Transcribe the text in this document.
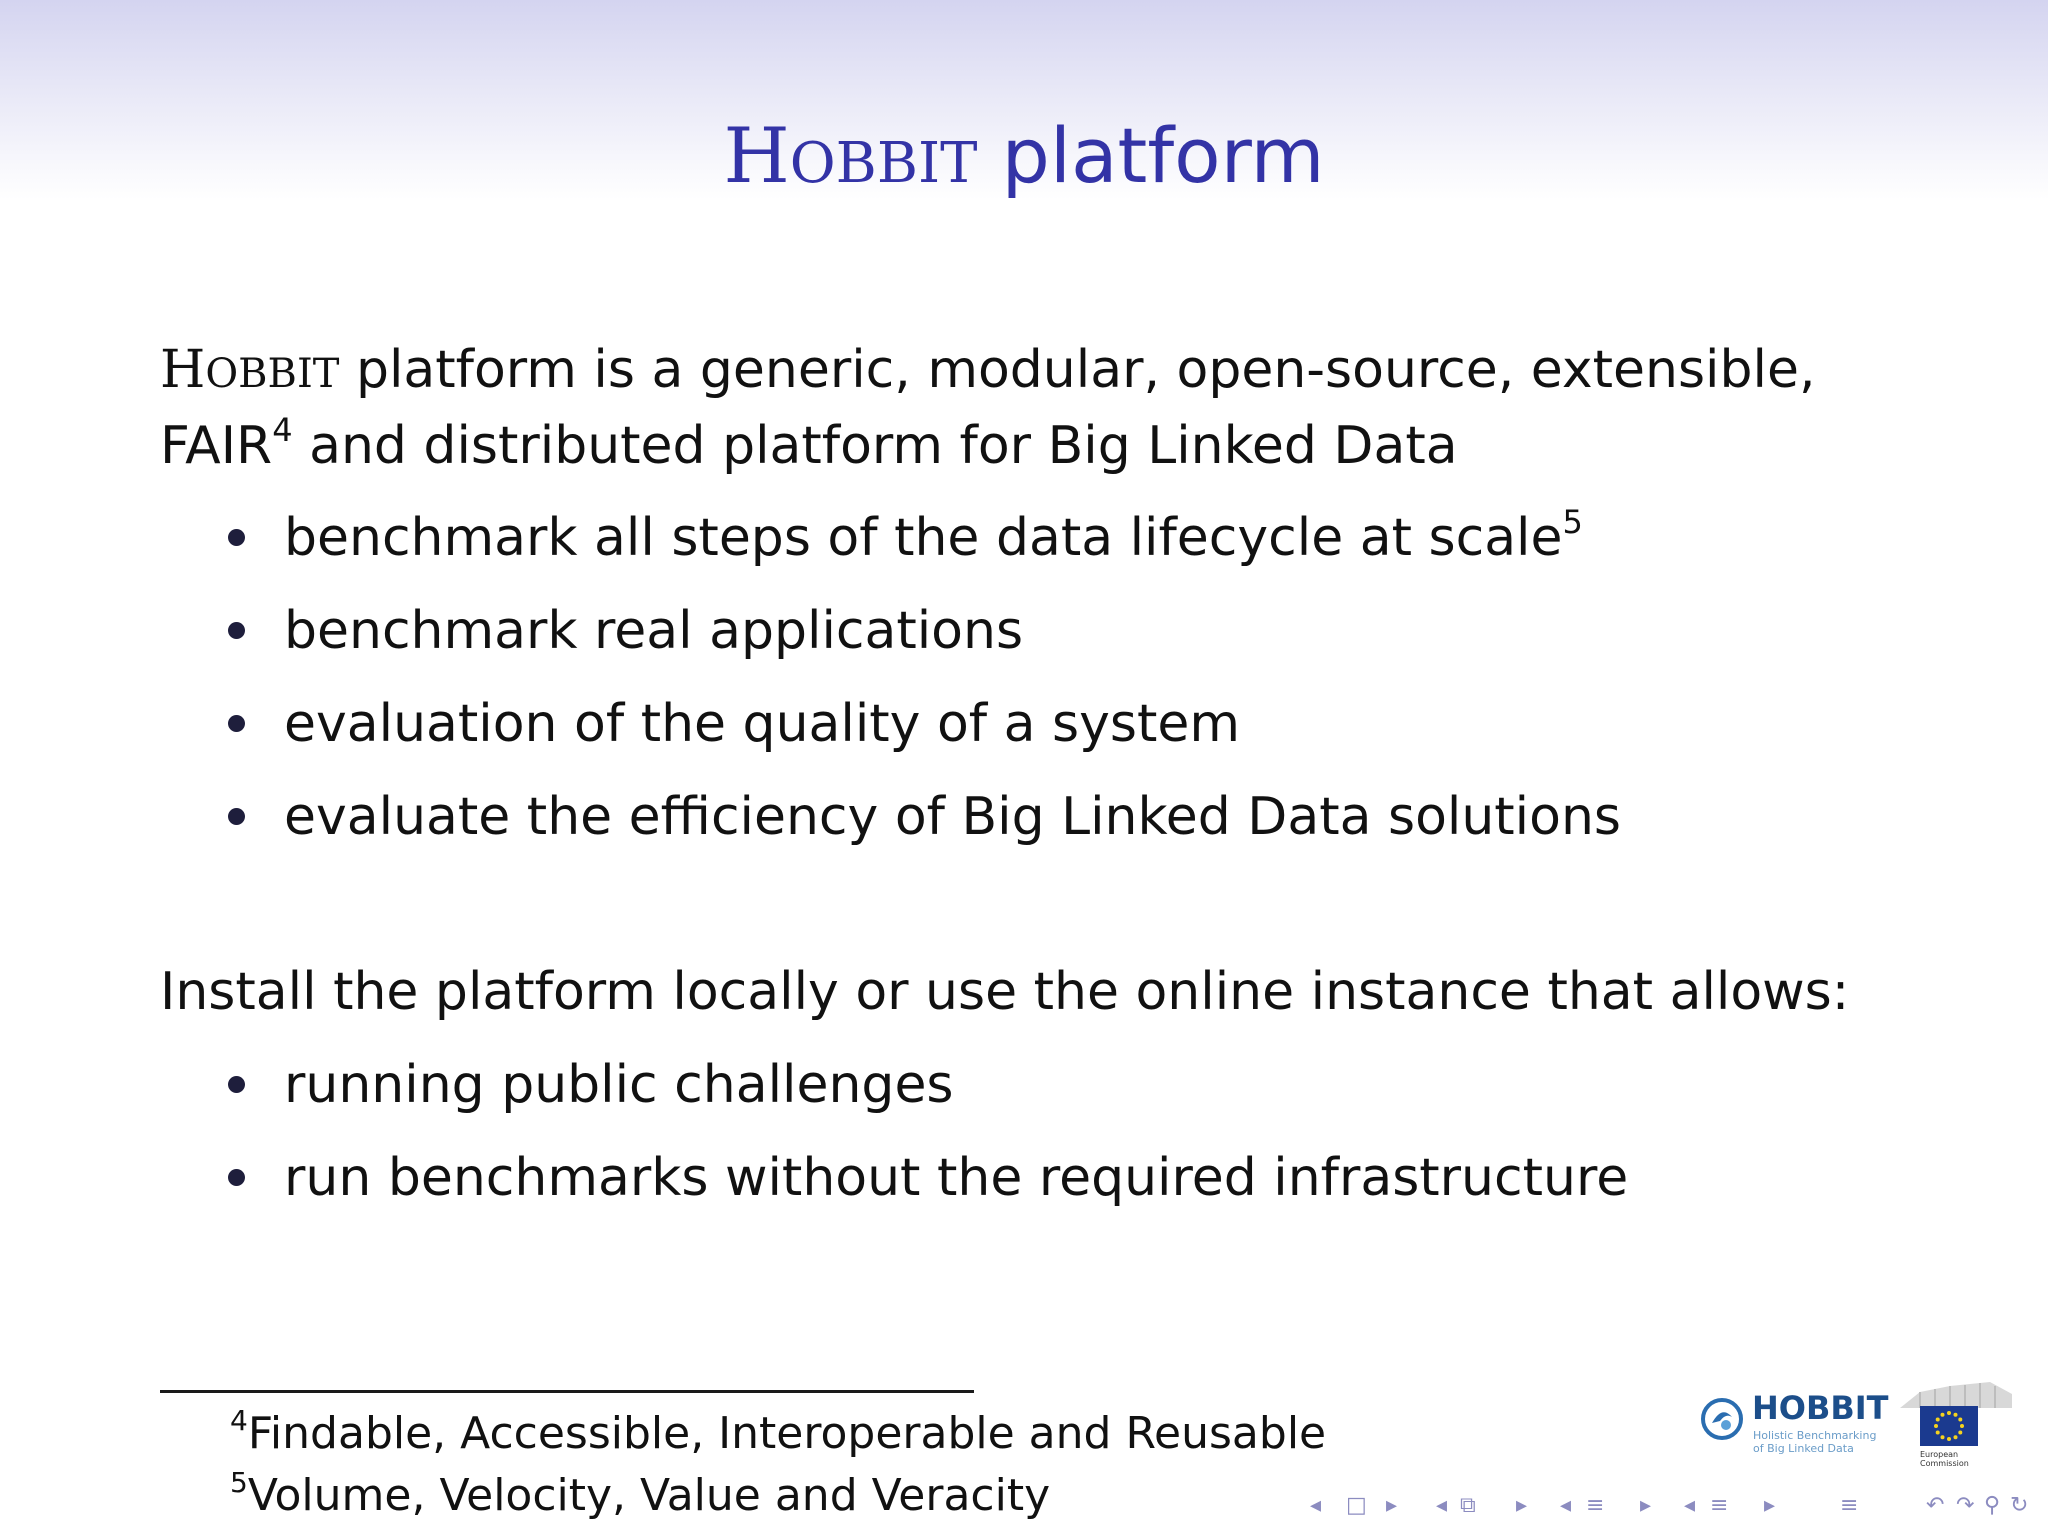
HOBBIT platform
HOBBIT platform is a generic, modular, open-source, extensible,
FAIR$^4$ and distributed platform for Big Linked Data
benchmark all steps of the data lifecycle at scale$^5$
benchmark real applications
evaluation of the quality of a system
evaluate the efficiency of Big Linked Data solutions
Install the platform locally or use the online instance that allows:
running public challenges
run benchmarks without the required infrastructure
$^4$Findable, Accessible, Interoperable and Reusable
$^5$Volume, Velocity, Value and Veracity
HOBBIT
Holistic Benchmarking
of Big Linked Data	European
Commission
◂ □ ▸ ◂ ⧉ ▸ ◂ ≡ ▸ ◂ ≡ ▸	≡	↶ ↷ ⚲ ↻
